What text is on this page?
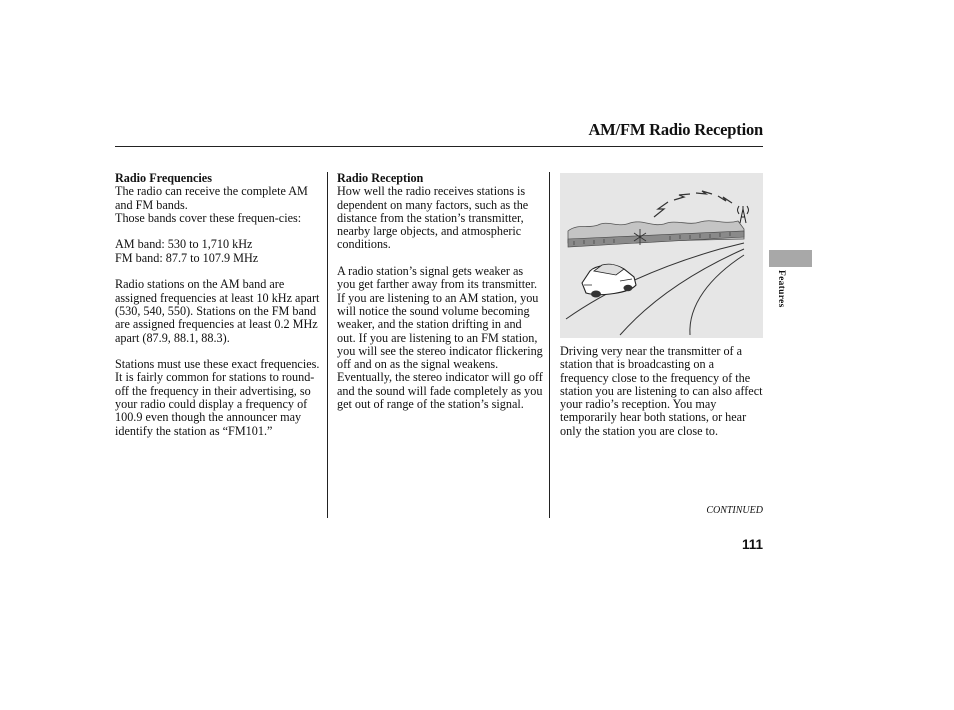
AM/FM Radio Reception

Radio Frequencies

The radio can receive the complete AM and FM bands.

Those bands cover these frequen-cies:

AM band: 530 to 1,710 kHz

FM band: 87.7 to 107.9 MHz

Radio stations on the AM band are assigned frequencies at least 10 kHz apart (530, 540, 550). Stations on the FM band are assigned frequencies at least 0.2 MHz apart (87.9, 88.1, 88.3).

Stations must use these exact frequencies. It is fairly common for stations to round-off the frequency in their advertising, so your radio could display a frequency of 100.9 even though the announcer may identify the station as “FM101.”

Radio Reception

How well the radio receives stations is dependent on many factors, such as the distance from the station’s transmitter, nearby large objects, and atmospheric conditions.

A radio station’s signal gets weaker as you get farther away from its transmitter. If you are listening to an AM station, you will notice the sound volume becoming weaker, and the station drifting in and out. If you are listening to an FM station, you will see the stereo indicator flickering off and on as the signal weakens. Eventually, the stereo indicator will go off and the sound will fade completely as you get out of range of the station’s signal.

Driving very near the transmitter of a station that is broadcasting on a frequency close to the frequency of the station you are listening to can also affect your radio’s reception. You may temporarily hear both stations, or hear only the station you are close to.

Features
CONTINUED
111
